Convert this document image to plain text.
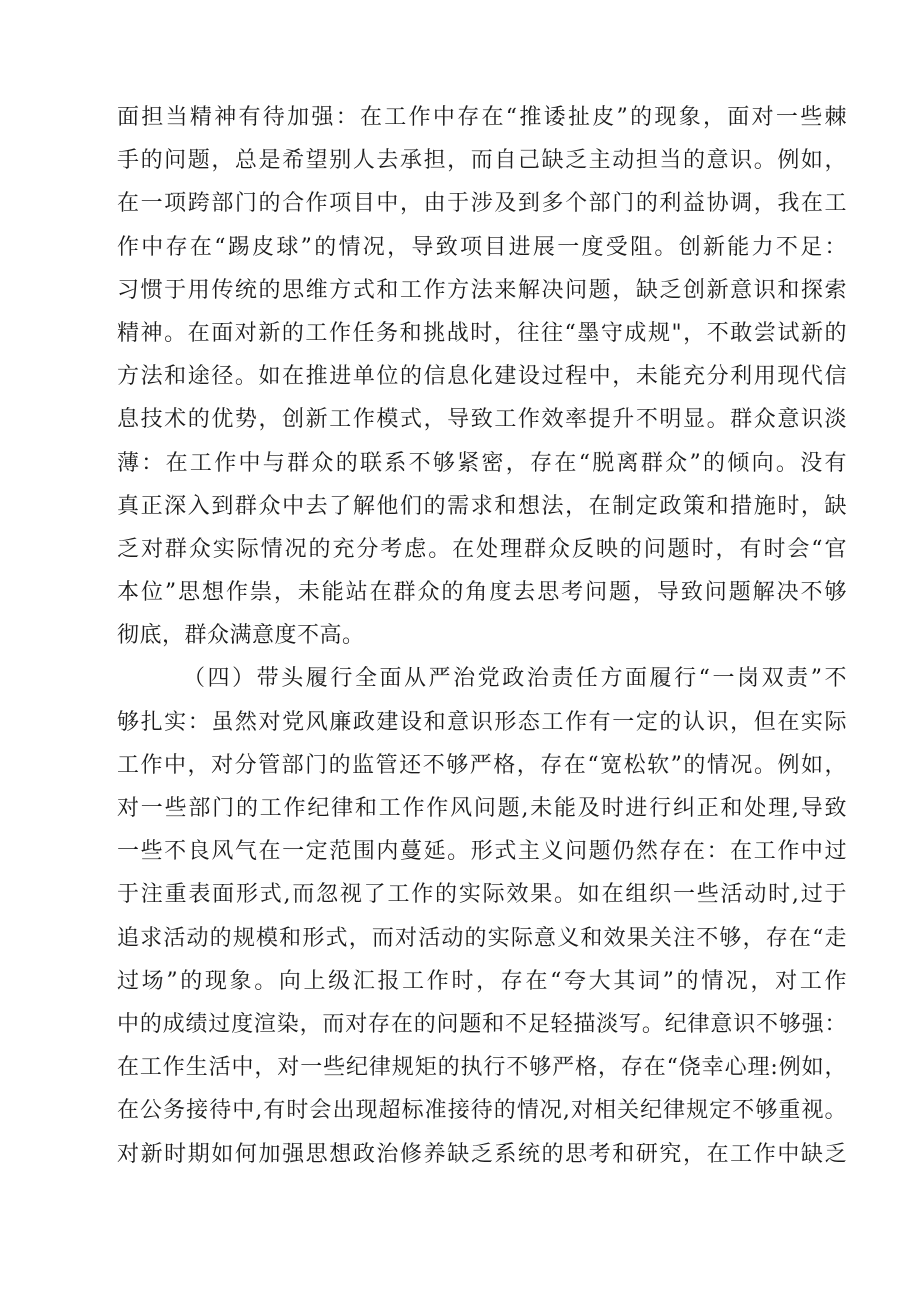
面担当精神有待加强：在工作中存在“推诿扯皮”的现象，面对一些棘
手的问题，总是希望别人去承担，而自己缺乏主动担当的意识。例如，
在一项跨部门的合作项目中，由于涉及到多个部门的利益协调，我在工
作中存在“踢皮球”的情况，导致项目进展一度受阻。创新能力不足：
习惯于用传统的思维方式和工作方法来解决问题，缺乏创新意识和探索
精神。在面对新的工作任务和挑战时，往往“墨守成规"，不敢尝试新的
方法和途径。如在推进单位的信息化建设过程中，未能充分利用现代信
息技术的优势，创新工作模式，导致工作效率提升不明显。群众意识淡
薄：在工作中与群众的联系不够紧密，存在“脱离群众”的倾向。没有
真正深入到群众中去了解他们的需求和想法，在制定政策和措施时，缺
乏对群众实际情况的充分考虑。在处理群众反映的问题时，有时会“官
本位”思想作祟，未能站在群众的角度去思考问题，导致问题解决不够
彻底，群众满意度不高。
（四）带头履行全面从严治党政治责任方面履行“一岗双责”不
够扎实：虽然对党风廉政建设和意识形态工作有一定的认识，但在实际
工作中，对分管部门的监管还不够严格，存在“宽松软”的情况。例如，
对一些部门的工作纪律和工作作风问题,未能及时进行纠正和处理,导致
一些不良风气在一定范围内蔓延。形式主义问题仍然存在：在工作中过
于注重表面形式,而忽视了工作的实际效果。如在组织一些活动时,过于
追求活动的规模和形式，而对活动的实际意义和效果关注不够，存在“走
过场”的现象。向上级汇报工作时，存在“夸大其词”的情况，对工作
中的成绩过度渲染，而对存在的问题和不足轻描淡写。纪律意识不够强：
在工作生活中，对一些纪律规矩的执行不够严格，存在“侥幸心理:例如，
在公务接待中,有时会出现超标准接待的情况,对相关纪律规定不够重视。
对新时期如何加强思想政治修养缺乏系统的思考和研究，在工作中缺乏
